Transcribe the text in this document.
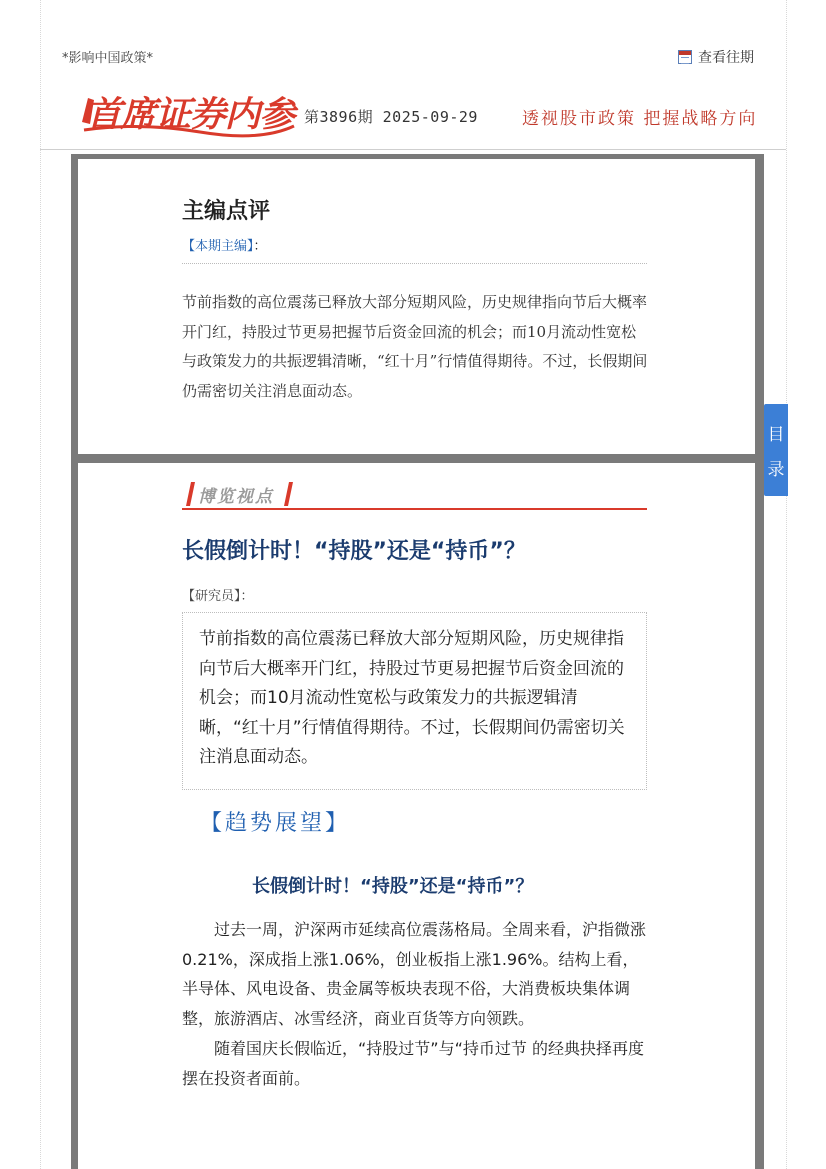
*影响中国政策*	查看往期
首席证券内参 第3896期 2025-09-29	透视股市政策 把握战略方向
主编点评
【本期主编】：
节前指数的高位震荡已释放大部分短期风险，历史规律指向节后大概率开门红，持股过节更易把握节后资金回流的机会；而10月流动性宽松与政策发力的共振逻辑清晰，“红十月”行情值得期待。不过，长假期间仍需密切关注消息面动态。
目
录
博览视点
长假倒计时！“持股”还是“持币”？
【研究员】：

节前指数的高位震荡已释放大部分短期风险，历史规律指向节后大概率开门红，持股过节更易把握节后资金回流的机会；而10月流动性宽松与政策发力的共振逻辑清晰，“红十月”行情值得期待。不过，长假期间仍需密切关注消息面动态。

【趋势展望】
长假倒计时！“持股”还是“持币”？

过去一周，沪深两市延续高位震荡格局。全周来看，沪指微涨0.21%，深成指上涨1.06%，创业板指上涨1.96%。结构上看，半导体、风电设备、贵金属等板块表现不俗，大消费板块集体调整，旅游酒店、冰雪经济，商业百货等方向领跌。

随着国庆长假临近，“持股过节”与“持币过节 的经典抉择再度摆在投资者面前。
